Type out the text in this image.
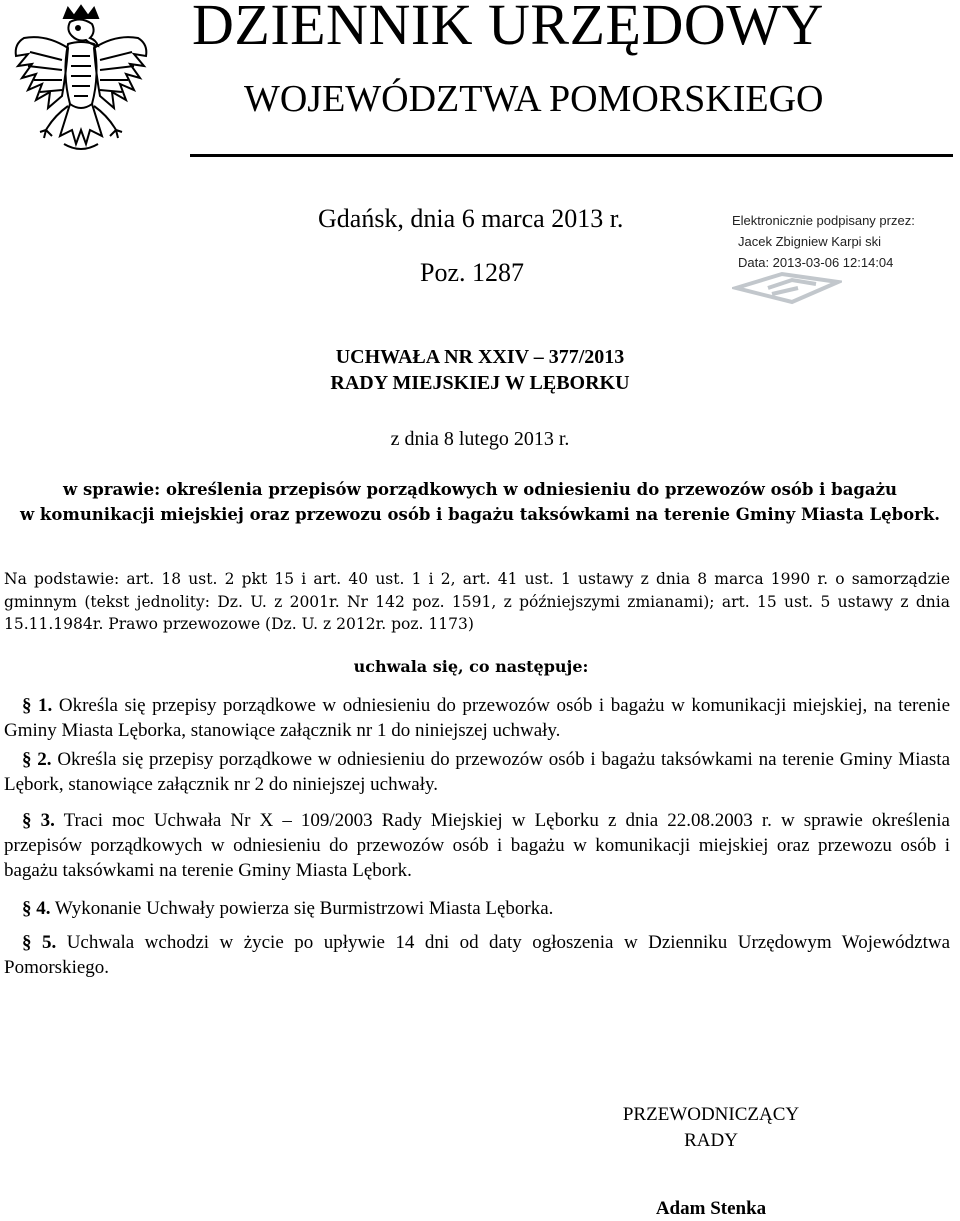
DZIENNIK URZĘDOWY
WOJEWÓDZTWA POMORSKIEGO
Gdańsk, dnia 6 marca 2013 r.
Poz. 1287
Elektronicznie podpisany przez:
Jacek Zbigniew Karpi ski
Data: 2013-03-06 12:14:04
UCHWAŁA NR XXIV – 377/2013
RADY MIEJSKIEJ W LĘBORKU
z dnia 8 lutego 2013 r.
w sprawie: określenia przepisów porządkowych w odniesieniu do przewozów osób i bagażu
w komunikacji miejskiej oraz przewozu osób i bagażu taksówkami na terenie Gminy Miasta Lębork.
Na podstawie: art. 18 ust. 2 pkt 15 i art. 40 ust. 1 i 2, art. 41 ust. 1 ustawy z dnia 8 marca 1990 r. o samorządzie gminnym (tekst jednolity: Dz. U. z 2001r. Nr 142 poz. 1591, z późniejszymi zmianami); art. 15 ust. 5 ustawy z dnia 15.11.1984r. Prawo przewozowe (Dz. U. z 2012r. poz. 1173)
uchwala się, co następuje:
§ 1. Określa się przepisy porządkowe w odniesieniu do przewozów osób i bagażu w komunikacji miejskiej, na terenie Gminy Miasta Lęborka, stanowiące załącznik nr 1 do niniejszej uchwały.
§ 2. Określa się przepisy porządkowe w odniesieniu do przewozów osób i bagażu taksówkami na terenie Gminy Miasta Lębork, stanowiące załącznik nr 2 do niniejszej uchwały.
§ 3. Traci moc Uchwała Nr X – 109/2003 Rady Miejskiej w Lęborku z dnia 22.08.2003 r. w sprawie określenia przepisów porządkowych w odniesieniu do przewozów osób i bagażu w komunikacji miejskiej oraz przewozu osób i bagażu taksówkami na terenie Gminy Miasta Lębork.
§ 4. Wykonanie Uchwały powierza się Burmistrzowi Miasta Lęborka.
§ 5. Uchwala wchodzi w życie po upływie 14 dni od daty ogłoszenia w Dzienniku Urzędowym Województwa Pomorskiego.
PRZEWODNICZĄCY
RADY
Adam Stenka
